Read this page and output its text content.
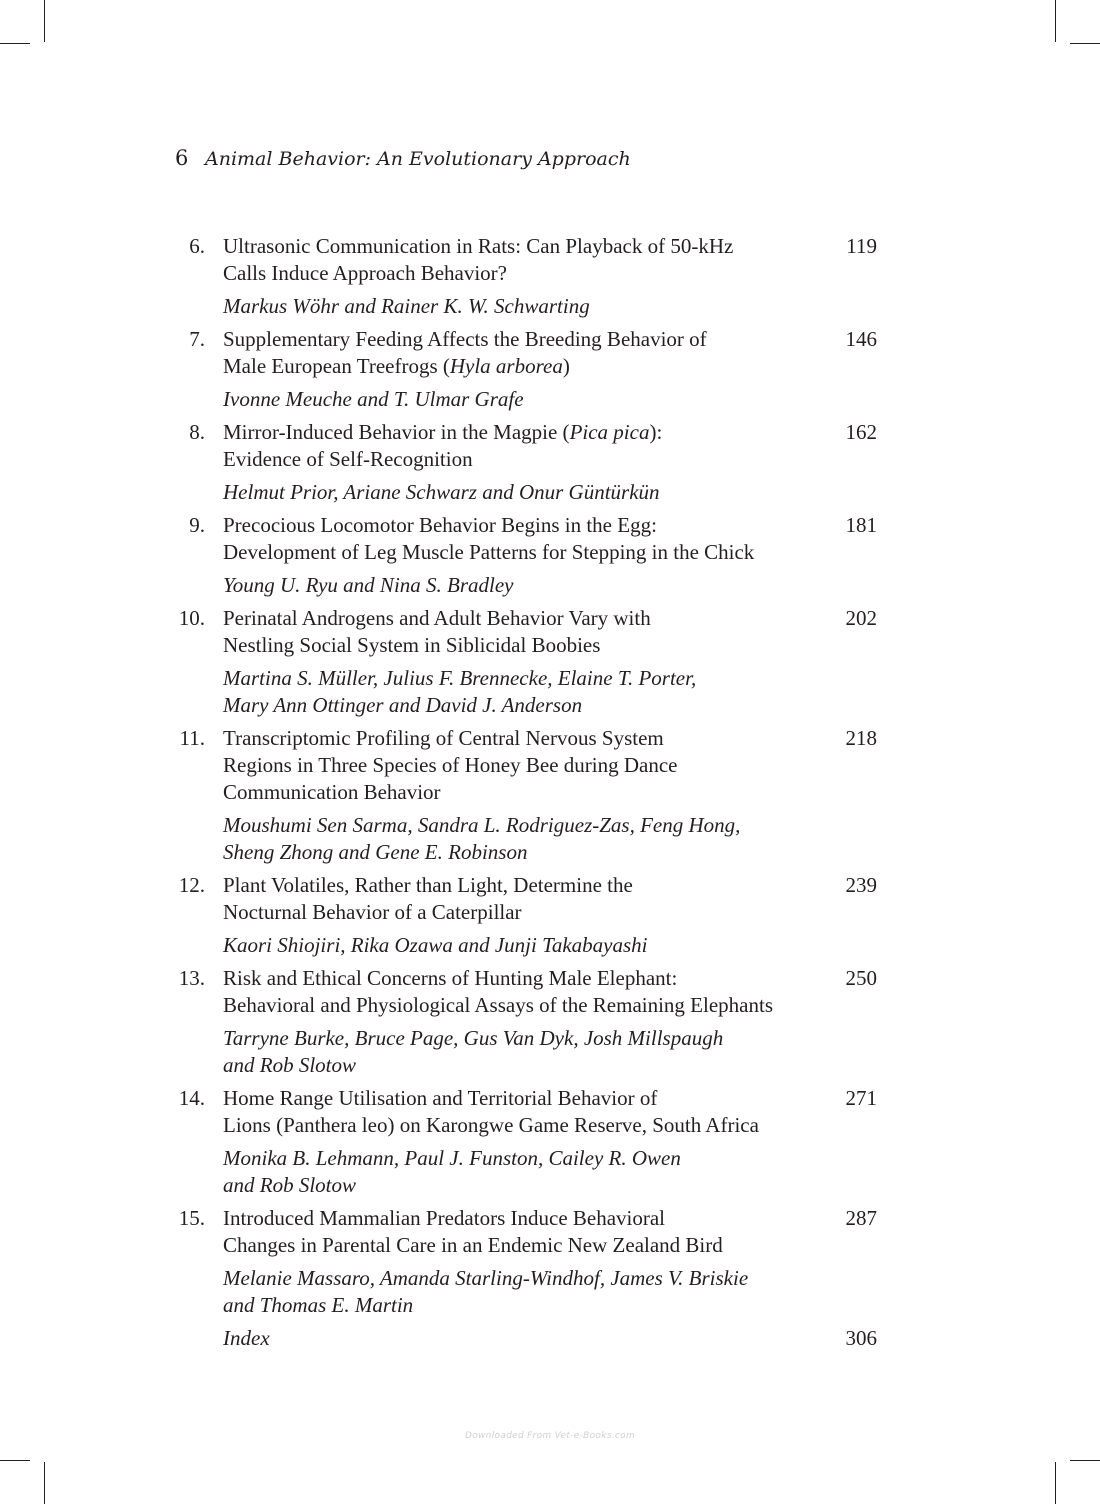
6 Animal Behavior: An Evolutionary Approach
6. Ultrasonic Communication in Rats: Can Playback of 50-kHz
Calls Induce Approach Behavior?
119
Markus Wöhr and Rainer K. W. Schwarting
7. Supplementary Feeding Affects the Breeding Behavior of
Male European Treefrogs (Hyla arborea)
146
Ivonne Meuche and T. Ulmar Grafe
8. Mirror-Induced Behavior in the Magpie (Pica pica):
Evidence of Self-Recognition
162
Helmut Prior, Ariane Schwarz and Onur Güntürkün
9. Precocious Locomotor Behavior Begins in the Egg:
Development of Leg Muscle Patterns for Stepping in the Chick
181
Young U. Ryu and Nina S. Bradley
10. Perinatal Androgens and Adult Behavior Vary with
Nestling Social System in Siblicidal Boobies
202
Martina S. Müller, Julius F. Brennecke, Elaine T. Porter,
Mary Ann Ottinger and David J. Anderson
11. Transcriptomic Profiling of Central Nervous System
Regions in Three Species of Honey Bee during Dance
Communication Behavior
218
Moushumi Sen Sarma, Sandra L. Rodriguez-Zas, Feng Hong,
Sheng Zhong and Gene E. Robinson
12. Plant Volatiles, Rather than Light, Determine the
Nocturnal Behavior of a Caterpillar
239
Kaori Shiojiri, Rika Ozawa and Junji Takabayashi
13. Risk and Ethical Concerns of Hunting Male Elephant:
Behavioral and Physiological Assays of the Remaining Elephants
250
Tarryne Burke, Bruce Page, Gus Van Dyk, Josh Millspaugh
and Rob Slotow
14. Home Range Utilisation and Territorial Behavior of
Lions (Panthera leo) on Karongwe Game Reserve, South Africa
271
Monika B. Lehmann, Paul J. Funston, Cailey R. Owen
and Rob Slotow
15. Introduced Mammalian Predators Induce Behavioral
Changes in Parental Care in an Endemic New Zealand Bird
287
Melanie Massaro, Amanda Starling-Windhof, James V. Briskie
and Thomas E. Martin
Index	306
Downloaded From Vet-e-Books.com
